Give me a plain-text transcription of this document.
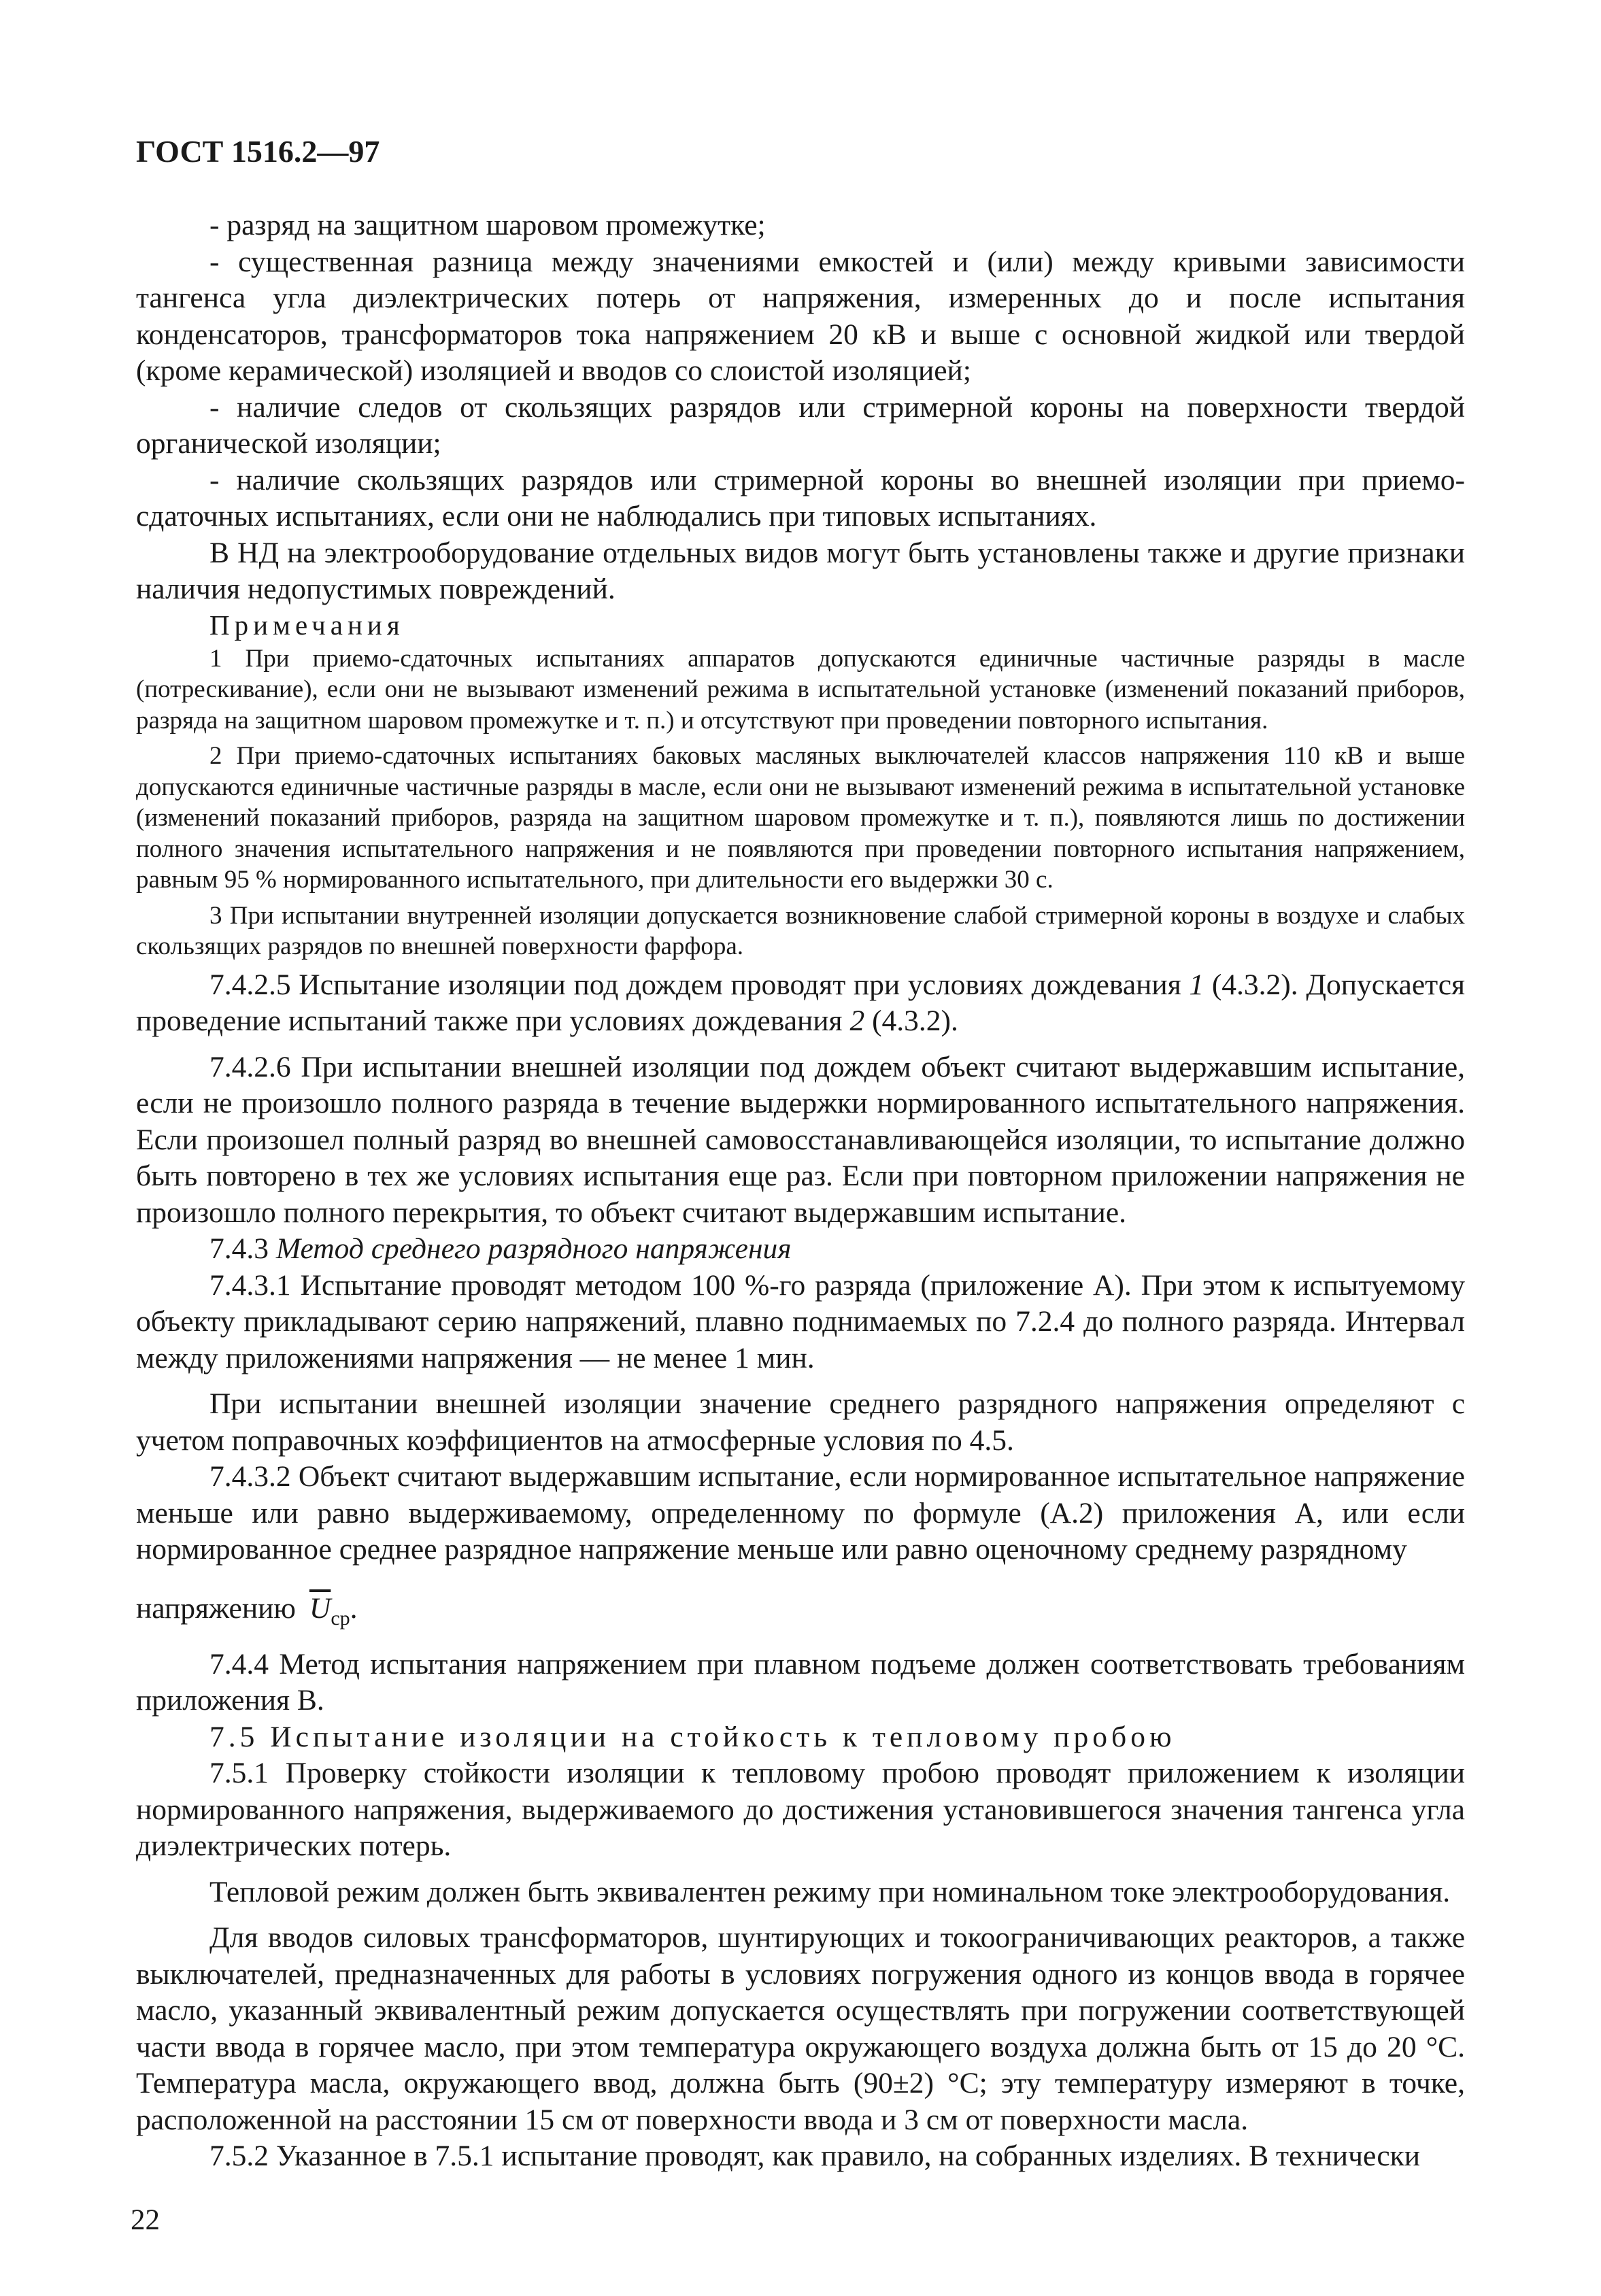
ГОСТ 1516.2—97

- разряд на защитном шаровом промежутке;

- существенная разница между значениями емкостей и (или) между кривыми зависимости тангенса угла диэлектрических потерь от напряжения, измеренных до и после испытания конденсаторов, трансформаторов тока напряжением 20 кВ и выше с основной жидкой или твердой (кроме керамической) изоляцией и вводов со слоистой изоляцией;

- наличие следов от скользящих разрядов или стримерной короны на поверхности твердой органической изоляции;

- наличие скользящих разрядов или стримерной короны во внешней изоляции при приемо-сдаточных испытаниях, если они не наблюдались при типовых испытаниях.

В НД на электрооборудование отдельных видов могут быть установлены также и другие признаки наличия недопустимых повреждений.

Примечания

1 При приемо-сдаточных испытаниях аппаратов допускаются единичные частичные разряды в масле (потрескивание), если они не вызывают изменений режима в испытательной установке (изменений показаний приборов, разряда на защитном шаровом промежутке и т. п.) и отсутствуют при проведении повторного испытания.

2 При приемо-сдаточных испытаниях баковых масляных выключателей классов напряжения 110 кВ и выше допускаются единичные частичные разряды в масле, если они не вызывают изменений режима в испытательной установке (изменений показаний приборов, разряда на защитном шаровом промежутке и т. п.), появляются лишь по достижении полного значения испытательного напряжения и не появляются при проведении повторного испытания напряжением, равным 95 % нормированного испытательного, при длительности его выдержки 30 с.

3 При испытании внутренней изоляции допускается возникновение слабой стримерной короны в воздухе и слабых скользящих разрядов по внешней поверхности фарфора.

7.4.2.5 Испытание изоляции под дождем проводят при условиях дождевания 1 (4.3.2). Допускается проведение испытаний также при условиях дождевания 2 (4.3.2).

7.4.2.6 При испытании внешней изоляции под дождем объект считают выдержавшим испытание, если не произошло полного разряда в течение выдержки нормированного испытательного напряжения. Если произошел полный разряд во внешней самовосстанавливающейся изоляции, то испытание должно быть повторено в тех же условиях испытания еще раз. Если при повторном приложении напряжения не произошло полного перекрытия, то объект считают выдержавшим испытание.

7.4.3 Метод среднего разрядного напряжения

7.4.3.1 Испытание проводят методом 100 %-го разряда (приложение А). При этом к испытуемому объекту прикладывают серию напряжений, плавно поднимаемых по 7.2.4 до полного разряда. Интервал между приложениями напряжения — не менее 1 мин.

При испытании внешней изоляции значение среднего разрядного напряжения определяют с учетом поправочных коэффициентов на атмосферные условия по 4.5.

7.4.3.2 Объект считают выдержавшим испытание, если нормированное испытательное напряжение меньше или равно выдерживаемому, определенному по формуле (А.2) приложения А, или если нормированное среднее разрядное напряжение меньше или равно оценочному среднему разрядному

напряжению $\overline{U}_{ср}$.

7.4.4 Метод испытания напряжением при плавном подъеме должен соответствовать требованиям приложения В.

7.5 Испытание изоляции на стойкость к тепловому пробою

7.5.1 Проверку стойкости изоляции к тепловому пробою проводят приложением к изоляции нормированного напряжения, выдерживаемого до достижения установившегося значения тангенса угла диэлектрических потерь.

Тепловой режим должен быть эквивалентен режиму при номинальном токе электрооборудования.

Для вводов силовых трансформаторов, шунтирующих и токоограничивающих реакторов, а также выключателей, предназначенных для работы в условиях погружения одного из концов ввода в горячее масло, указанный эквивалентный режим допускается осуществлять при погружении соответствующей части ввода в горячее масло, при этом температура окружающего воздуха должна быть от 15 до 20 °С. Температура масла, окружающего ввод, должна быть (90±2) °С; эту температуру измеряют в точке, расположенной на расстоянии 15 см от поверхности ввода и 3 см от поверхности масла.

7.5.2 Указанное в 7.5.1 испытание проводят, как правило, на собранных изделиях. В технически

22
